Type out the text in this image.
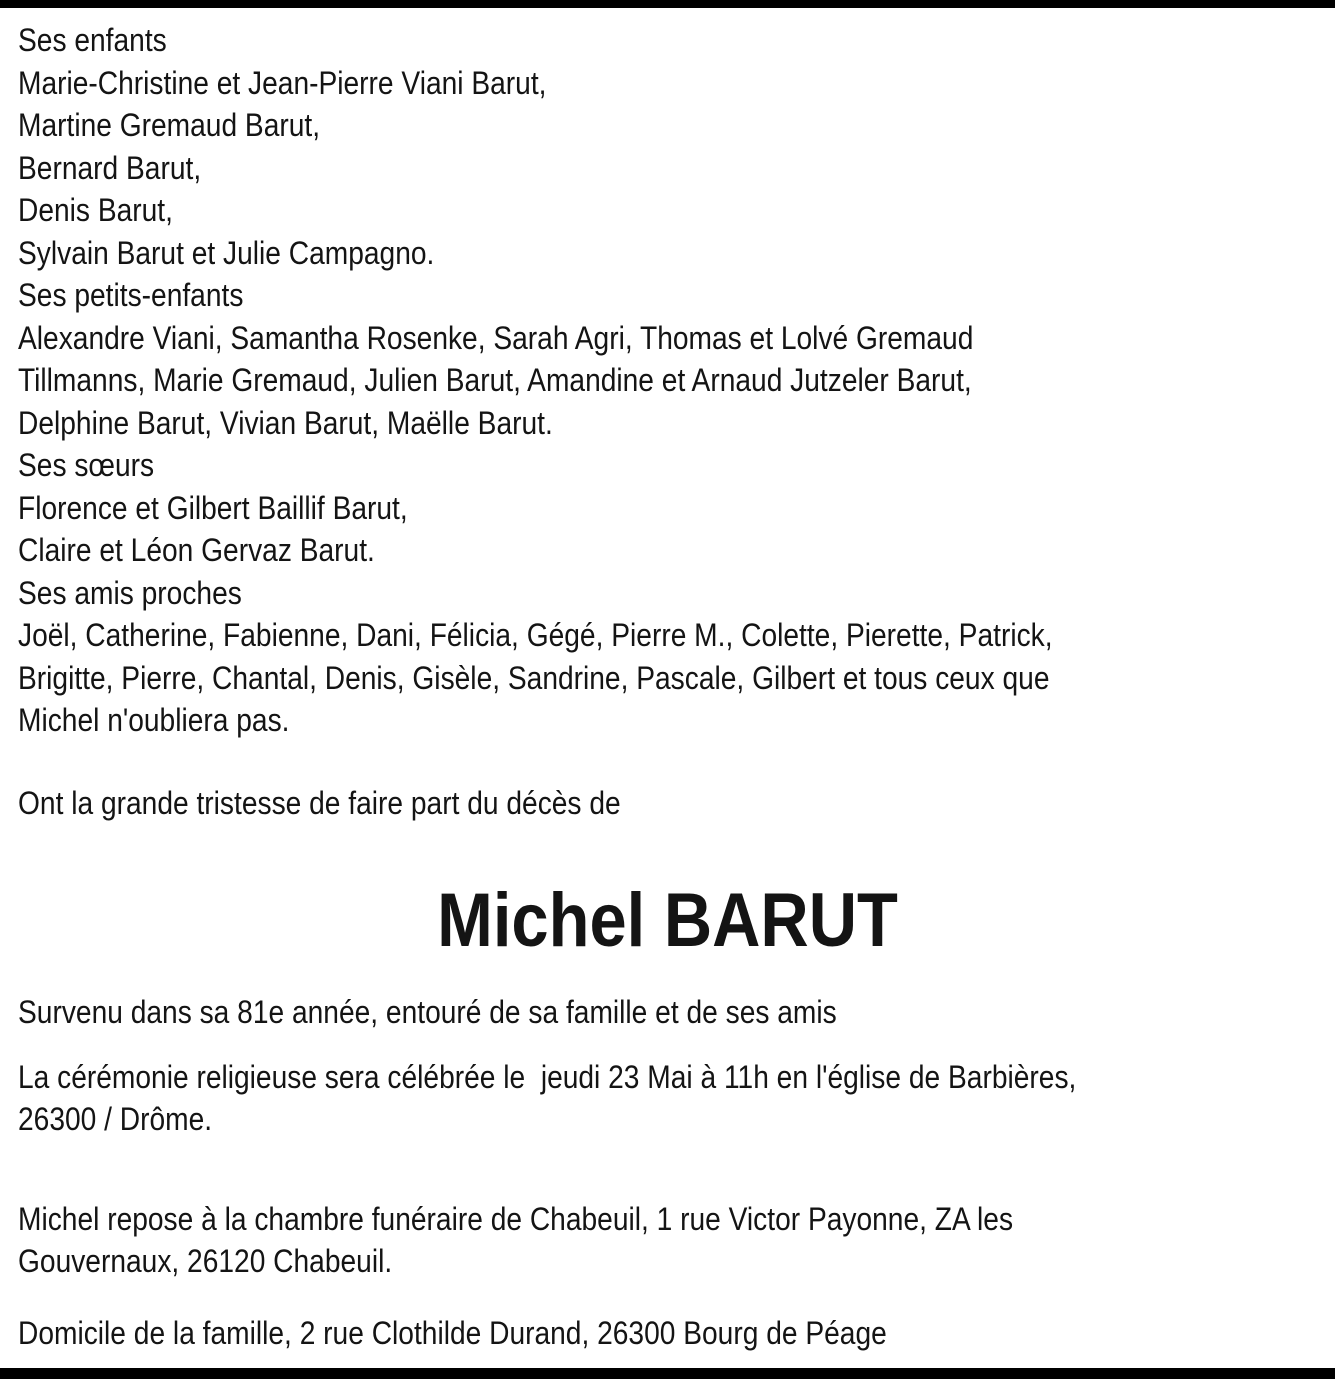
Ses enfants
Marie-Christine et Jean-Pierre Viani Barut,
Martine Gremaud Barut,
Bernard Barut,
Denis Barut,
Sylvain Barut et Julie Campagno.
Ses petits-enfants
Alexandre Viani, Samantha Rosenke, Sarah Agri, Thomas et Lolvé Gremaud
Tillmanns, Marie Gremaud, Julien Barut, Amandine et Arnaud Jutzeler Barut,
Delphine Barut, Vivian Barut, Maëlle Barut.
Ses sœurs
Florence et Gilbert Baillif Barut,
Claire et Léon Gervaz Barut.
Ses amis proches
Joël, Catherine, Fabienne, Dani, Félicia, Gégé, Pierre M., Colette, Pierette, Patrick,
Brigitte, Pierre, Chantal, Denis, Gisèle, Sandrine, Pascale, Gilbert et tous ceux que
Michel n'oubliera pas.
Ont la grande tristesse de faire part du décès de
Michel BARUT
Survenu dans sa 81e année, entouré de sa famille et de ses amis
La cérémonie religieuse sera célébrée le  jeudi 23 Mai à 11h en l'église de Barbières,
26300 / Drôme.
Michel repose à la chambre funéraire de Chabeuil, 1 rue Victor Payonne, ZA les
Gouvernaux, 26120 Chabeuil.
Domicile de la famille, 2 rue Clothilde Durand, 26300 Bourg de Péage
